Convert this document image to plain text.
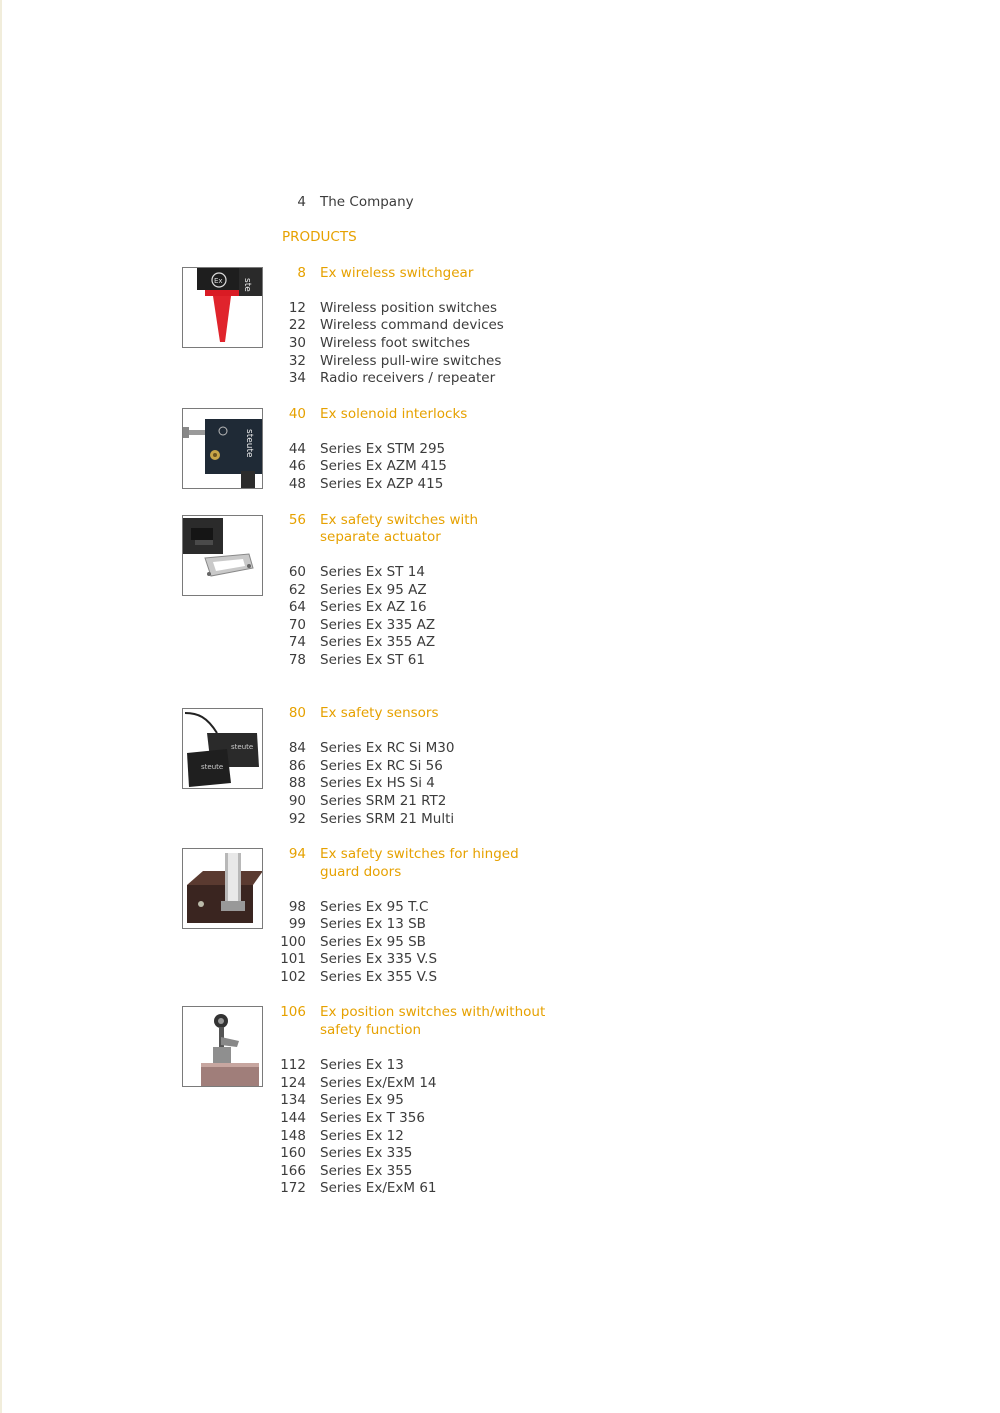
4 The Company
PRODUCTS
Ex ste
steute
steute
steute
8 Ex wireless switchgear
12 Wireless position switches
22 Wireless command devices
30 Wireless foot switches
32 Wireless pull-wire switches
34 Radio receivers / repeater
40 Ex solenoid interlocks
44 Series Ex STM 295
46 Series Ex AZM 415
48 Series Ex AZP 415
56 Ex safety switches with
separate actuator
60 Series Ex ST 14
62 Series Ex 95 AZ
64 Series Ex AZ 16
70 Series Ex 335 AZ
74 Series Ex 355 AZ
78 Series Ex ST 61
80 Ex safety sensors
84 Series Ex RC Si M30
86 Series Ex RC Si 56
88 Series Ex HS Si 4
90 Series SRM 21 RT2
92 Series SRM 21 Multi
94 Ex safety switches for hinged
guard doors
98 Series Ex 95 T.C
99 Series Ex 13 SB
100 Series Ex 95 SB
101 Series Ex 335 V.S
102 Series Ex 355 V.S
106 Ex position switches with/without
safety function
112 Series Ex 13
124 Series Ex/ExM 14
134 Series Ex 95
144 Series Ex T 356
148 Series Ex 12
160 Series Ex 335
166 Series Ex 355
172 Series Ex/ExM 61
